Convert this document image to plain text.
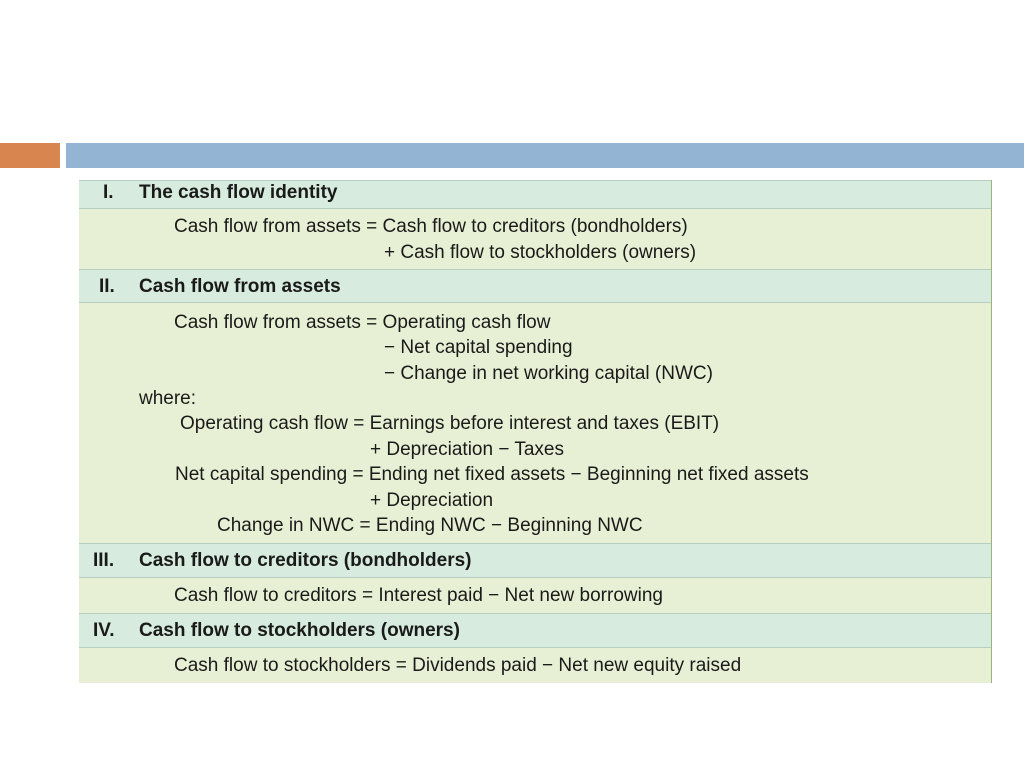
I. The cash flow identity
Cash flow from assets = Cash flow to creditors (bondholders)
+ Cash flow to stockholders (owners)
II. Cash flow from assets
Cash flow from assets = Operating cash flow
− Net capital spending
− Change in net working capital (NWC)
where:
Operating cash flow = Earnings before interest and taxes (EBIT)
+ Depreciation − Taxes
Net capital spending = Ending net fixed assets − Beginning net fixed assets
+ Depreciation
Change in NWC = Ending NWC − Beginning NWC
III. Cash flow to creditors (bondholders)
Cash flow to creditors = Interest paid − Net new borrowing
IV. Cash flow to stockholders (owners)
Cash flow to stockholders = Dividends paid − Net new equity raised
